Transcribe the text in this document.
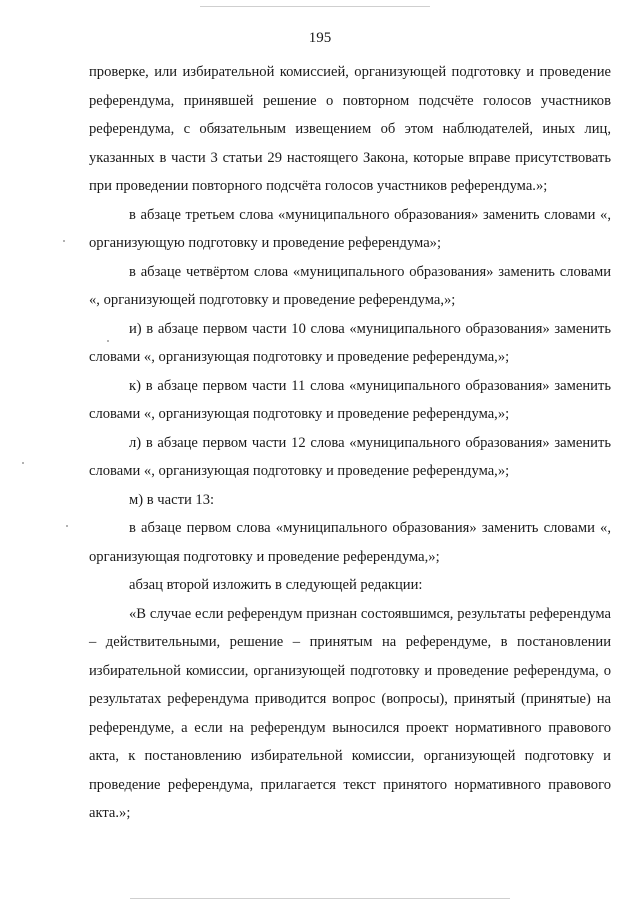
195

проверке, или избирательной комиссией, организующей подготовку и проведение референдума, принявшей решение о повторном подсчёте голосов участников референдума, с обязательным извещением об этом наблюдателей, иных лиц, указанных в части 3 статьи 29 настоящего Закона, которые вправе присутствовать при проведении повторного подсчёта голосов участников референдума.»;

в абзаце третьем слова «муниципального образования» заменить словами «, организующую подготовку и проведение референдума»;

в абзаце четвёртом слова «муниципального образования» заменить словами «, организующей подготовку и проведение референдума,»;

и) в абзаце первом части 10 слова «муниципального образования» заменить словами «, организующая подготовку и проведение референдума,»;

к) в абзаце первом части 11 слова «муниципального образования» заменить словами «, организующая подготовку и проведение референдума,»;

л) в абзаце первом части 12 слова «муниципального образования» заменить словами «, организующая подготовку и проведение референдума,»;

м) в части 13:

в абзаце первом слова «муниципального образования» заменить словами «, организующая подготовку и проведение референдума,»;

абзац второй изложить в следующей редакции:

«В случае если референдум признан состоявшимся, результаты референдума – действительными, решение – принятым на референдуме, в постановлении избирательной комиссии, организующей подготовку и проведение референдума, о результатах референдума приводится вопрос (вопросы), принятый (принятые) на референдуме, а если на референдум выносился проект нормативного правового акта, к постановлению избирательной комиссии, организующей подготовку и проведение референдума, прилагается текст принятого нормативного правового акта.»;
